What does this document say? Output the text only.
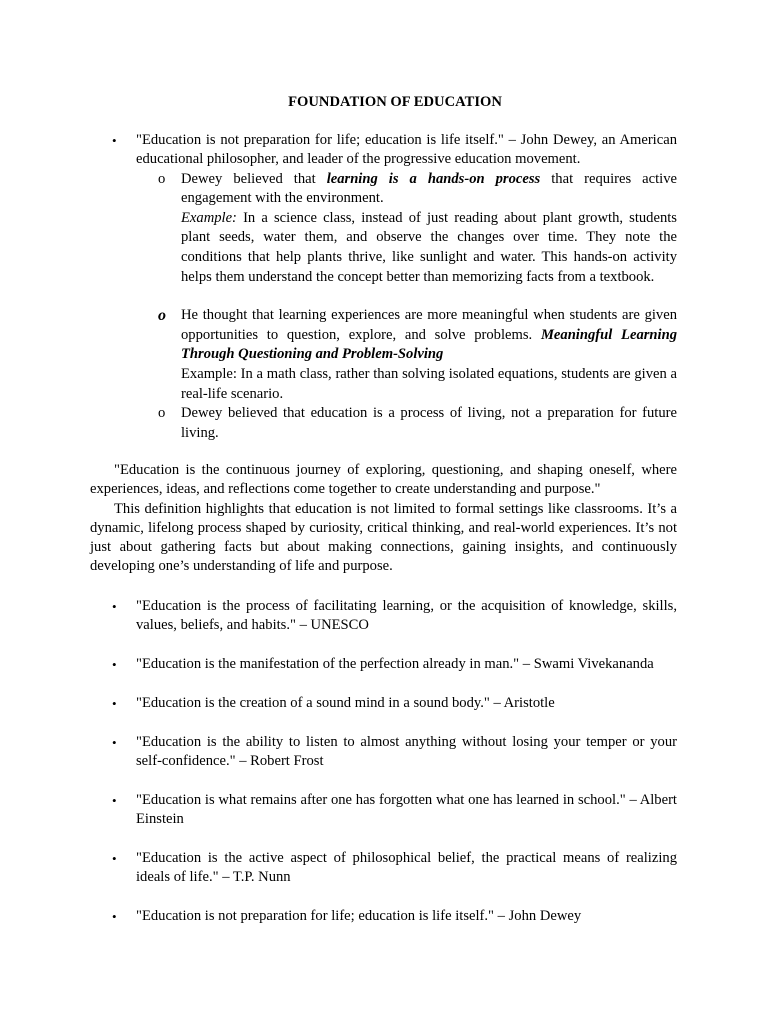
FOUNDATION OF EDUCATION
• "Education is not preparation for life; education is life itself." – John Dewey, an American educational philosopher, and leader of the progressive education movement.
o Dewey believed that learning is a hands-on process that requires active engagement with the environment.

Example: In a science class, instead of just reading about plant growth, students plant seeds, water them, and observe the changes over time. They note the conditions that help plants thrive, like sunlight and water. This hands-on activity helps them understand the concept better than memorizing facts from a textbook.

o He thought that learning experiences are more meaningful when students are given opportunities to question, explore, and solve problems. Meaningful Learning Through Questioning and Problem-Solving

Example: In a math class, rather than solving isolated equations, students are given a real-life scenario.

o Dewey believed that education is a process of living, not a preparation for future living.

"Education is the continuous journey of exploring, questioning, and shaping oneself, where experiences, ideas, and reflections come together to create understanding and purpose."

This definition highlights that education is not limited to formal settings like classrooms. It’s a dynamic, lifelong process shaped by curiosity, critical thinking, and real-world experiences. It’s not just about gathering facts but about making connections, gaining insights, and continuously developing one’s understanding of life and purpose.

• "Education is the process of facilitating learning, or the acquisition of knowledge, skills, values, beliefs, and habits." – UNESCO
• "Education is the manifestation of the perfection already in man." – Swami Vivekananda
• "Education is the creation of a sound mind in a sound body." – Aristotle
• "Education is the ability to listen to almost anything without losing your temper or your self-confidence." – Robert Frost
• "Education is what remains after one has forgotten what one has learned in school." – Albert Einstein
• "Education is the active aspect of philosophical belief, the practical means of realizing ideals of life." – T.P. Nunn
• "Education is not preparation for life; education is life itself." – John Dewey
